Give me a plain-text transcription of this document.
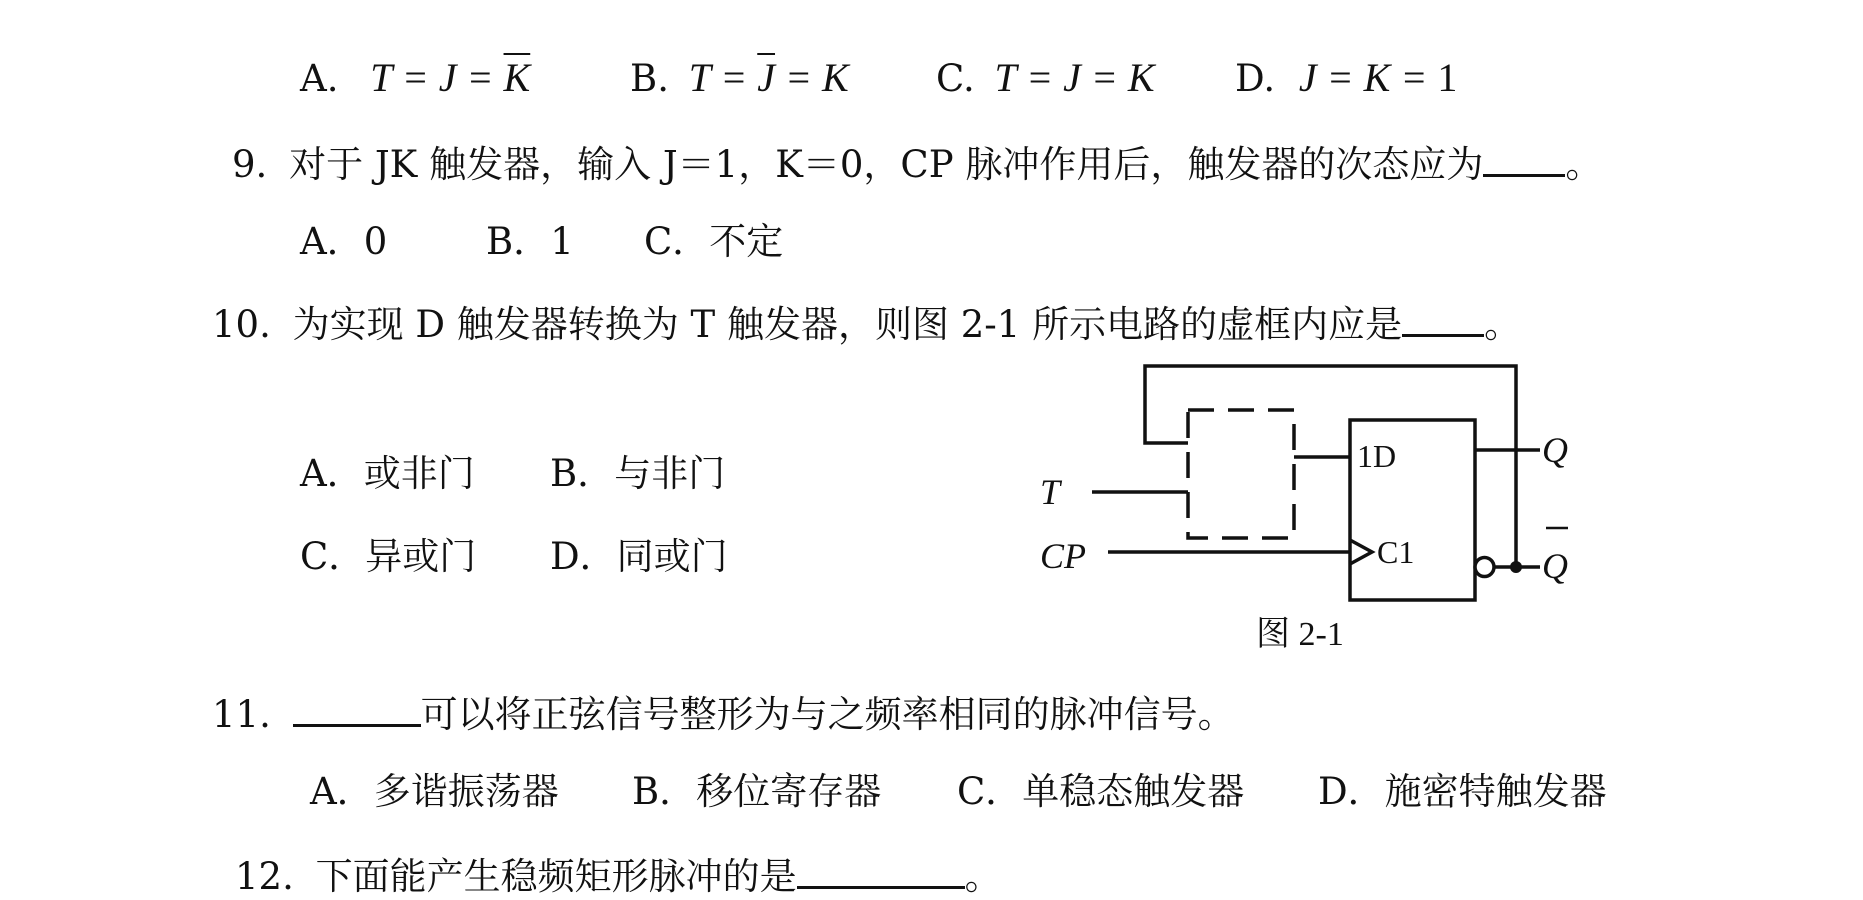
A. $T = J = \overline{K}$	B. $T = \overline{J} = K$ C. T = J = K D. J = K = 1
9. 对于 JK 触发器，输入 J＝1，K＝0，CP 脉冲作用后，触发器的次态应为 。
A．0	B．1 C．不定
10. 为实现 D 触发器转换为 T 触发器，则图 2-1 所示电路的虚框内应是 。
A．或非门 B．与非门
C．异或门 D．同或门
T
CP
1D
C1
Q
Q
图 2-1
11.	可以将正弦信号整形为与之频率相同的脉冲信号。
A．多谐振荡器 B．移位寄存器 C．单稳态触发器 D．施密特触发器
12. 下面能产生稳频矩形脉冲的是	。
